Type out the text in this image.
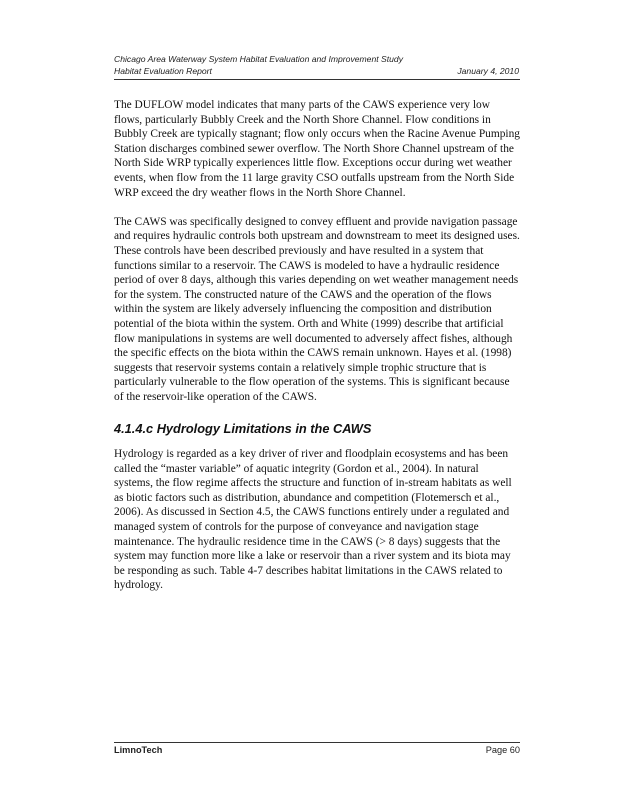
Chicago Area Waterway System Habitat Evaluation and Improvement Study
Habitat Evaluation Report	January 4, 2010

The DUFLOW model indicates that many parts of the CAWS experience very low flows, particularly Bubbly Creek and the North Shore Channel. Flow conditions in Bubbly Creek are typically stagnant; flow only occurs when the Racine Avenue Pumping Station discharges combined sewer overflow. The North Shore Channel upstream of the North Side WRP typically experiences little flow. Exceptions occur during wet weather events, when flow from the 11 large gravity CSO outfalls upstream from the North Side WRP exceed the dry weather flows in the North Shore Channel.

The CAWS was specifically designed to convey effluent and provide navigation passage and requires hydraulic controls both upstream and downstream to meet its designed uses. These controls have been described previously and have resulted in a system that functions similar to a reservoir. The CAWS is modeled to have a hydraulic residence period of over 8 days, although this varies depending on wet weather management needs for the system. The constructed nature of the CAWS and the operation of the flows within the system are likely adversely influencing the composition and distribution potential of the biota within the system. Orth and White (1999) describe that artificial flow manipulations in systems are well documented to adversely affect fishes, although the specific effects on the biota within the CAWS remain unknown. Hayes et al. (1998) suggests that reservoir systems contain a relatively simple trophic structure that is particularly vulnerable to the flow operation of the systems. This is significant because of the reservoir-like operation of the CAWS.

4.1.4.c Hydrology Limitations in the CAWS

Hydrology is regarded as a key driver of river and floodplain ecosystems and has been called the “master variable” of aquatic integrity (Gordon et al., 2004). In natural systems, the flow regime affects the structure and function of in-stream habitats as well as biotic factors such as distribution, abundance and competition (Flotemersch et al., 2006). As discussed in Section 4.5, the CAWS functions entirely under a regulated and managed system of controls for the purpose of conveyance and navigation stage maintenance. The hydraulic residence time in the CAWS (> 8 days) suggests that the system may function more like a lake or reservoir than a river system and its biota may be responding as such. Table 4-7 describes habitat limitations in the CAWS related to hydrology.

LimnoTech	Page 60
